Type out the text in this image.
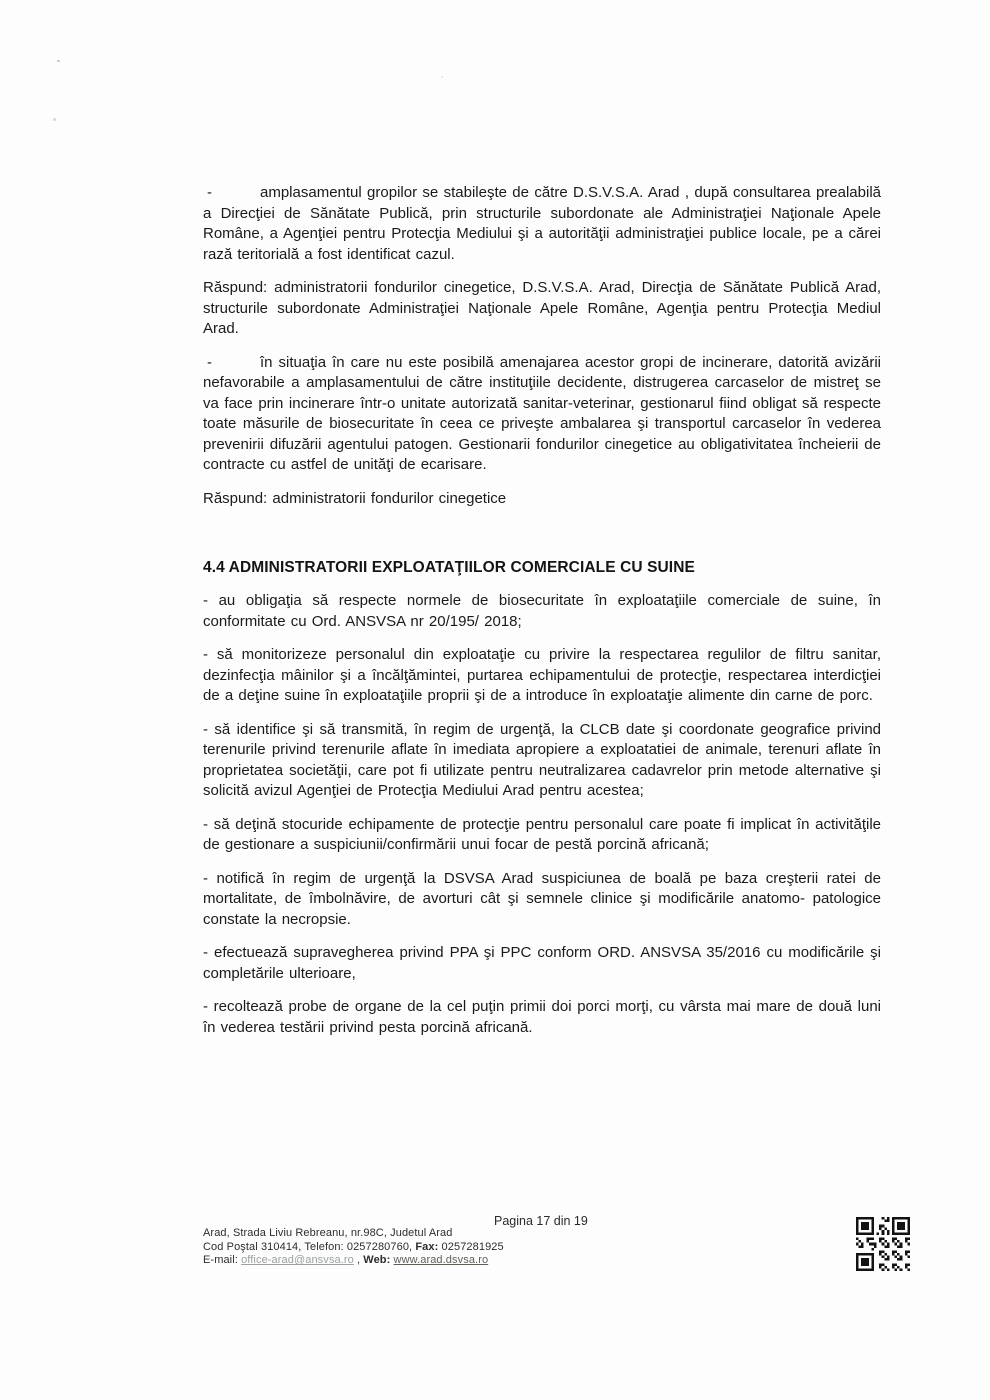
-	amplasamentul gropilor se stabileşte de către D.S.V.S.A. Arad , după consultarea prealabilă a Direcţiei de Sănătate Publică, prin structurile subordonate ale Administraţiei Naţionale Apele Române, a Agenţiei pentru Protecţia Mediului şi a autorităţii administraţiei publice locale, pe a cărei rază teritorială a fost identificat cazul.

Răspund: administratorii fondurilor cinegetice, D.S.V.S.A. Arad, Direcţia de Sănătate Publică Arad, structurile subordonate Administraţiei Naţionale Apele Române, Agenţia pentru Protecţia Mediul Arad.

-	în situaţia în care nu este posibilă amenajarea acestor gropi de incinerare, datorită avizării nefavorabile a amplasamentului de către instituţiile decidente, distrugerea carcaselor de mistreţ se va face prin incinerare într-o unitate autorizată sanitar-veterinar, gestionarul fiind obligat să respecte toate măsurile de biosecuritate în ceea ce priveşte ambalarea şi transportul carcaselor în vederea prevenirii difuzării agentului patogen. Gestionarii fondurilor cinegetice au obligativitatea încheierii de contracte cu astfel de unităţi de ecarisare.

Răspund: administratorii fondurilor cinegetice

4.4 ADMINISTRATORII EXPLOATAŢIILOR COMERCIALE CU SUINE

- au obligaţia să respecte normele de biosecuritate în exploataţiile comerciale de suine, în conformitate cu Ord. ANSVSA nr 20/195/ 2018;

- să monitorizeze personalul din exploataţie cu privire la respectarea regulilor de filtru sanitar, dezinfecţia mâinilor şi a încălţămintei, purtarea echipamentului de protecţie, respectarea interdicţiei de a deţine suine în exploataţiile proprii şi de a introduce în exploataţie alimente din carne de porc.

- să identifice şi să transmită, în regim de urgenţă, la CLCB date şi coordonate geografice privind terenurile privind terenurile aflate în imediata apropiere a exploatatiei de animale, terenuri aflate în proprietatea societăţii, care pot fi utilizate pentru neutralizarea cadavrelor prin metode alternative şi solicită avizul Agenţiei de Protecţia Mediului Arad pentru acestea;

- să deţină stocuride echipamente de protecţie pentru personalul care poate fi implicat în activităţile de gestionare a suspiciunii/confirmării unui focar de pestă porcină africană;

- notifică în regim de urgenţă la DSVSA Arad suspiciunea de boală pe baza creşterii ratei de mortalitate, de îmbolnăvire, de avorturi cât şi semnele clinice şi modificările anatomo- patologice constate la necropsie.

- efectuează supravegherea privind PPA şi PPC conform ORD. ANSVSA 35/2016 cu modificările şi completările ulterioare,

- recoltează probe de organe de la cel puţin primii doi porci morţi, cu vârsta mai mare de două luni în vederea testării privind pesta porcină africană.

Pagina 17 din 19
Arad, Strada Liviu Rebreanu, nr.98C, Judetul Arad
Cod Poştal 310414, Telefon: 0257280760, Fax: 0257281925
E-mail: office-arad@ansvsa.ro , Web: www.arad.dsvsa.ro
